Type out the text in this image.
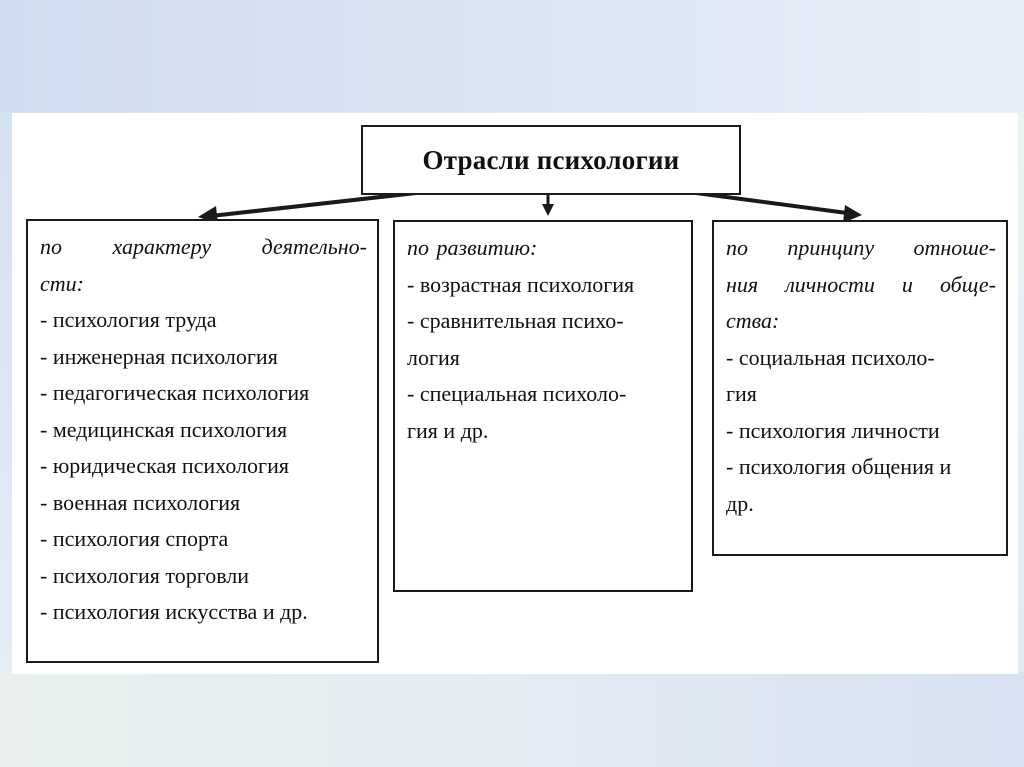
Отрасли психологии
по характеру деятельно-
сти:
- психология труда
- инженерная психология
- педагогическая психология
- медицинская психология
- юридическая психология
- военная психология
- психология спорта
- психология торговли
- психология искусства и др.
по развитию:
- возрастная психология
- сравнительная психо-
логия
- специальная психоло-
гия и др.
по принципу отноше-
ния личности и обще-
ства:
- социальная психоло-
гия
- психология личности
- психология общения и
др.
